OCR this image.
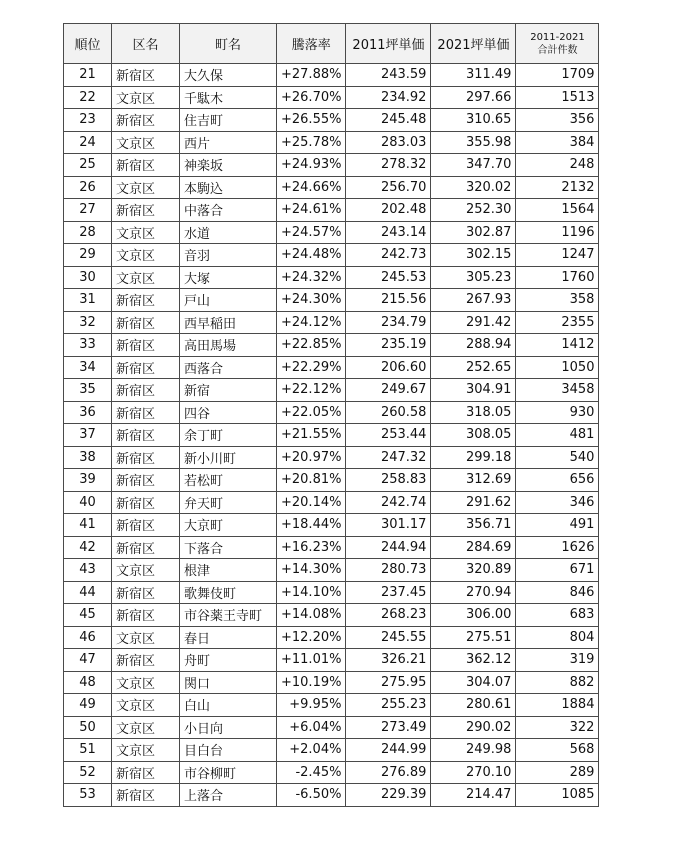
順位	区名	町名	騰落率	2011坪単価	2021坪単価	2011-2021
合計件数

21	新宿区	大久保	+27.88%	243.59	311.49	1709
22	文京区	千駄木	+26.70%	234.92	297.66	1513
23	新宿区	住吉町	+26.55%	245.48	310.65	356
24	文京区	西片	+25.78%	283.03	355.98	384
25	新宿区	神楽坂	+24.93%	278.32	347.70	248
26	文京区	本駒込	+24.66%	256.70	320.02	2132
27	新宿区	中落合	+24.61%	202.48	252.30	1564
28	文京区	水道	+24.57%	243.14	302.87	1196
29	文京区	音羽	+24.48%	242.73	302.15	1247
30	文京区	大塚	+24.32%	245.53	305.23	1760
31	新宿区	戸山	+24.30%	215.56	267.93	358
32	新宿区	西早稲田	+24.12%	234.79	291.42	2355
33	新宿区	高田馬場	+22.85%	235.19	288.94	1412
34	新宿区	西落合	+22.29%	206.60	252.65	1050
35	新宿区	新宿	+22.12%	249.67	304.91	3458
36	新宿区	四谷	+22.05%	260.58	318.05	930
37	新宿区	余丁町	+21.55%	253.44	308.05	481
38	新宿区	新小川町	+20.97%	247.32	299.18	540
39	新宿区	若松町	+20.81%	258.83	312.69	656
40	新宿区	弁天町	+20.14%	242.74	291.62	346
41	新宿区	大京町	+18.44%	301.17	356.71	491
42	新宿区	下落合	+16.23%	244.94	284.69	1626
43	文京区	根津	+14.30%	280.73	320.89	671
44	新宿区	歌舞伎町	+14.10%	237.45	270.94	846
45	新宿区	市谷薬王寺町	+14.08%	268.23	306.00	683
46	文京区	春日	+12.20%	245.55	275.51	804
47	新宿区	舟町	+11.01%	326.21	362.12	319
48	文京区	関口	+10.19%	275.95	304.07	882
49	文京区	白山	+9.95%	255.23	280.61	1884
50	文京区	小日向	+6.04%	273.49	290.02	322
51	文京区	目白台	+2.04%	244.99	249.98	568
52	新宿区	市谷柳町	-2.45%	276.89	270.10	289
53	新宿区	上落合	-6.50%	229.39	214.47	1085
